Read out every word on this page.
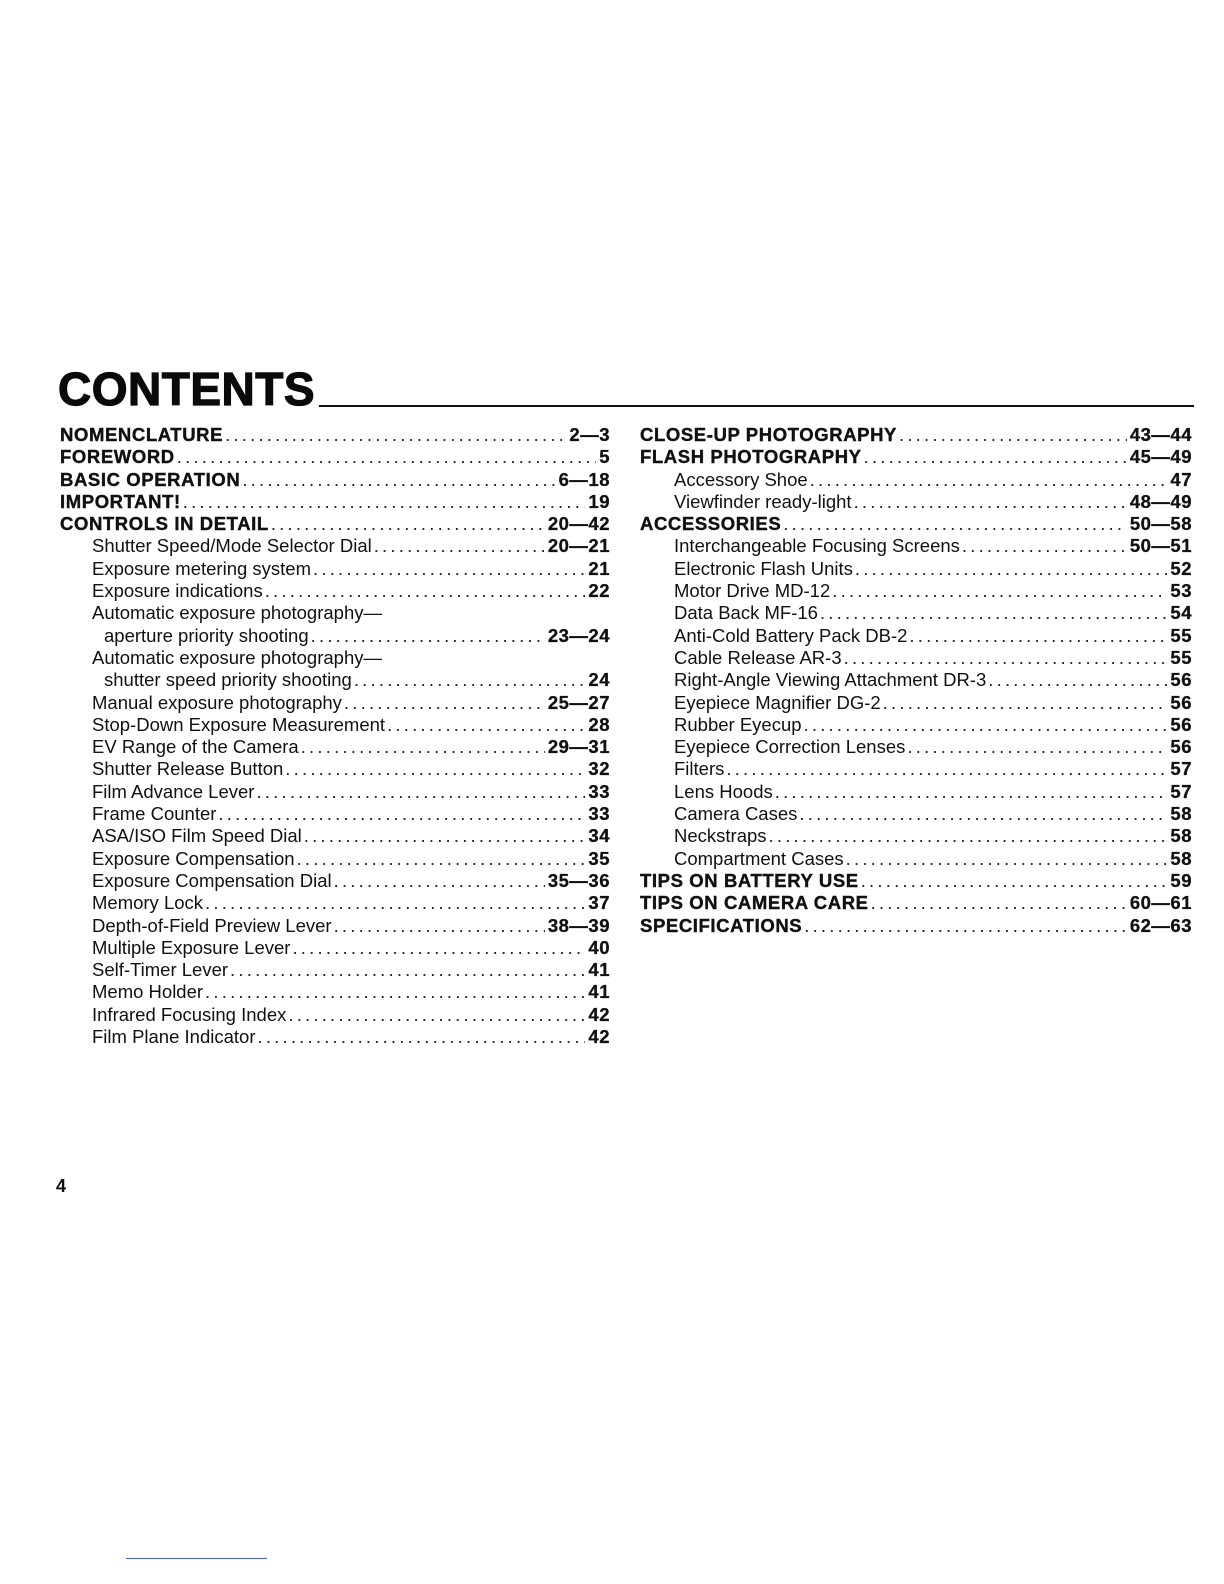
CONTENTS
NOMENCLATURE .....	2—3
FOREWORD .....	5
BASIC OPERATION .....	6—18
IMPORTANT! .....	19
CONTROLS IN DETAIL .....	20—42
Shutter Speed/Mode Selector Dial .....	20—21
Exposure metering system .....	21
Exposure indications .....	22
Automatic exposure photography—
aperture priority shooting .....	23—24
Automatic exposure photography—
shutter speed priority shooting .....	24
Manual exposure photography .....	25—27
Stop-Down Exposure Measurement .....	28
EV Range of the Camera .....	29—31
Shutter Release Button .....	32
Film Advance Lever .....	33
Frame Counter .....	33
ASA/ISO Film Speed Dial .....	34
Exposure Compensation .....	35
Exposure Compensation Dial .....	35—36
Memory Lock .....	37
Depth-of-Field Preview Lever .....	38—39
Multiple Exposure Lever .....	40
Self-Timer Lever .....	41
Memo Holder .....	41
Infrared Focusing Index .....	42
Film Plane Indicator .....	42
CLOSE-UP PHOTOGRAPHY .....	43—44
FLASH PHOTOGRAPHY .....	45—49
Accessory Shoe .....	47
Viewfinder ready-light .....	48—49
ACCESSORIES .....	50—58
Interchangeable Focusing Screens .....	50—51
Electronic Flash Units .....	52
Motor Drive MD-12 .....	53
Data Back MF-16 .....	54
Anti-Cold Battery Pack DB-2 .....	55
Cable Release AR-3 .....	55
Right-Angle Viewing Attachment DR-3 .....	56
Eyepiece Magnifier DG-2 .....	56
Rubber Eyecup .....	56
Eyepiece Correction Lenses .....	56
Filters .....	57
Lens Hoods .....	57
Camera Cases .....	58
Neckstraps .....	58
Compartment Cases .....	58
TIPS ON BATTERY USE .....	59
TIPS ON CAMERA CARE .....	60—61
SPECIFICATIONS .....	62—63
4
